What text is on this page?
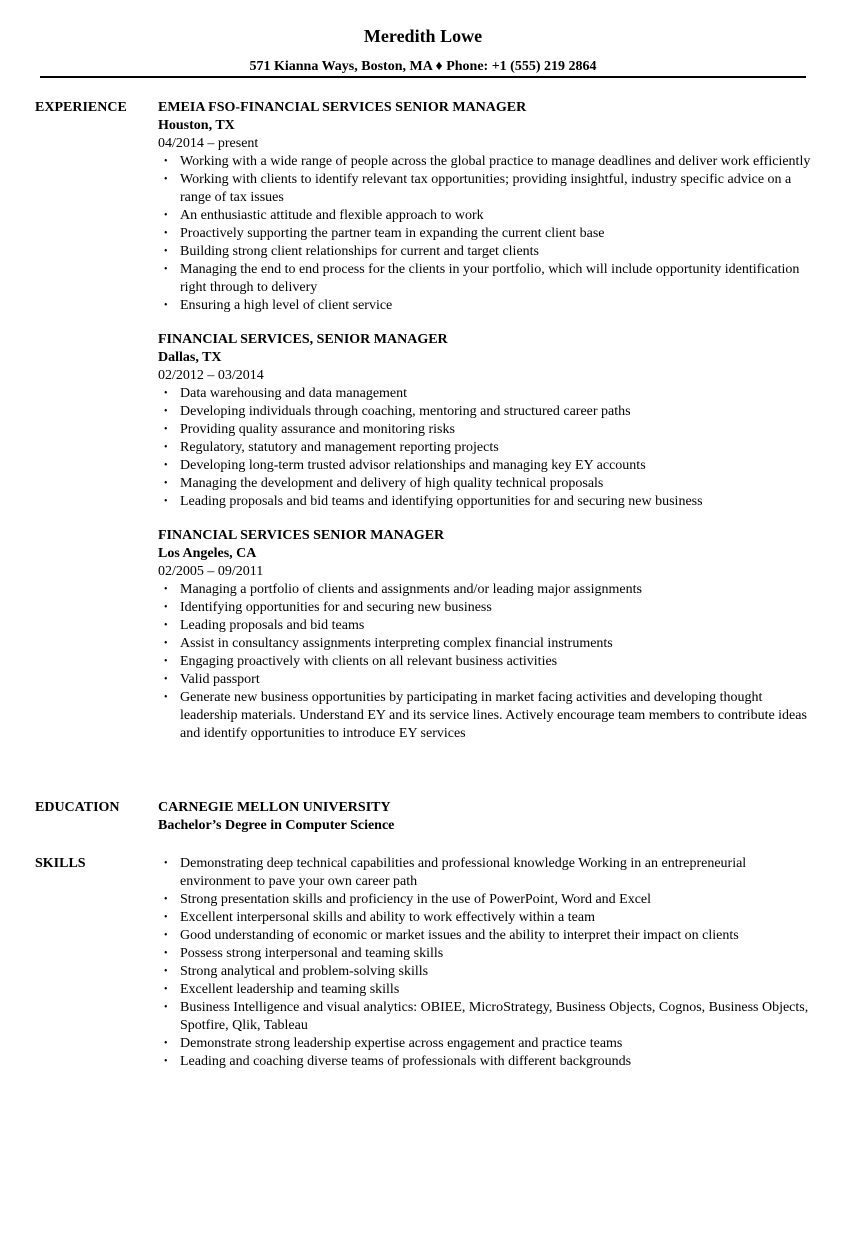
Meredith Lowe
571 Kianna Ways, Boston, MA ♦ Phone: +1 (555) 219 2864
EXPERIENCE EMEIA FSO-FINANCIAL SERVICES SENIOR MANAGER
Houston, TX
04/2014 – present
• Working with a wide range of people across the global practice to manage deadlines and deliver work efficiently
• Working with clients to identify relevant tax opportunities; providing insightful, industry specific advice on a range of tax issues
• An enthusiastic attitude and flexible approach to work
• Proactively supporting the partner team in expanding the current client base
• Building strong client relationships for current and target clients
• Managing the end to end process for the clients in your portfolio, which will include opportunity identification right through to delivery
• Ensuring a high level of client service
FINANCIAL SERVICES, SENIOR MANAGER
Dallas, TX
02/2012 – 03/2014
• Data warehousing and data management
• Developing individuals through coaching, mentoring and structured career paths
• Providing quality assurance and monitoring risks
• Regulatory, statutory and management reporting projects
• Developing long-term trusted advisor relationships and managing key EY accounts
• Managing the development and delivery of high quality technical proposals
• Leading proposals and bid teams and identifying opportunities for and securing new business
FINANCIAL SERVICES SENIOR MANAGER
Los Angeles, CA
02/2005 – 09/2011
• Managing a portfolio of clients and assignments and/or leading major assignments
• Identifying opportunities for and securing new business
• Leading proposals and bid teams
• Assist in consultancy assignments interpreting complex financial instruments
• Engaging proactively with clients on all relevant business activities
• Valid passport
• Generate new business opportunities by participating in market facing activities and developing thought leadership materials. Understand EY and its service lines. Actively encourage team members to contribute ideas and identify opportunities to introduce EY services
EDUCATION	CARNEGIE MELLON UNIVERSITY
Bachelor’s Degree in Computer Science
SKILLS	• Demonstrating deep technical capabilities and professional knowledge Working in an entrepreneurial environment to pave your own career path
• Strong presentation skills and proficiency in the use of PowerPoint, Word and Excel
• Excellent interpersonal skills and ability to work effectively within a team
• Good understanding of economic or market issues and the ability to interpret their impact on clients
• Possess strong interpersonal and teaming skills
• Strong analytical and problem-solving skills
• Excellent leadership and teaming skills
• Business Intelligence and visual analytics: OBIEE, MicroStrategy, Business Objects, Cognos, Business Objects, Spotfire, Qlik, Tableau
• Demonstrate strong leadership expertise across engagement and practice teams
• Leading and coaching diverse teams of professionals with different backgrounds
